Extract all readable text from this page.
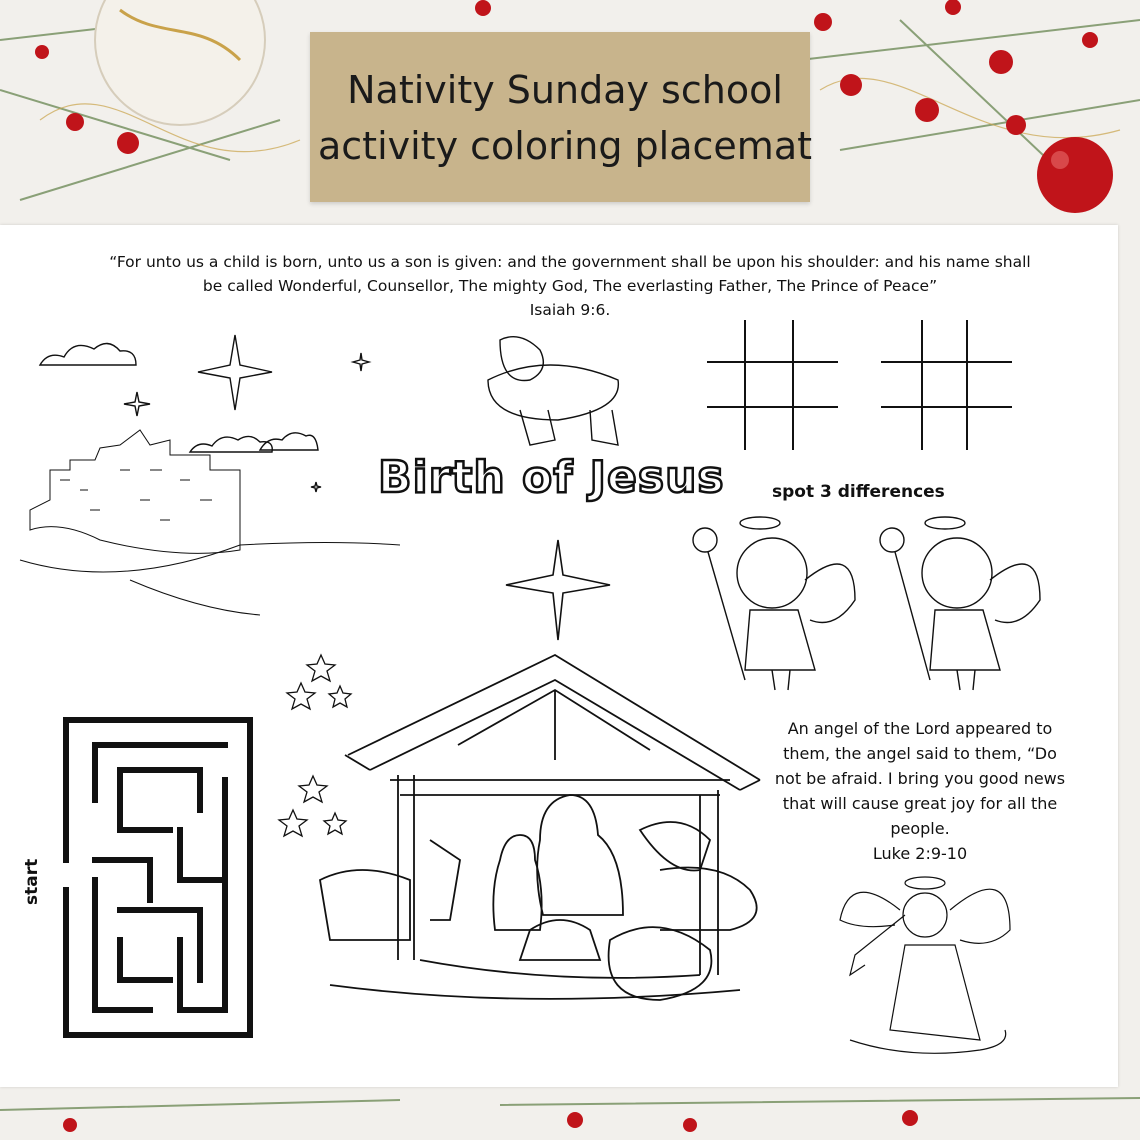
Nativity Sunday school
activity coloring placemat
“For unto us a child is born, unto us a son is given: and the government shall be upon his shoulder: and his name shall be called Wonderful, Counsellor, The mighty God, The everlasting Father, The Prince of Peace”
Isaiah 9:6.
Birth of Jesus	spot 3 differences
An angel of the Lord appeared to them, the angel said to them, “Do not be afraid. I bring you good news that will cause great joy for all the people.
Luke 2:9-10
start
